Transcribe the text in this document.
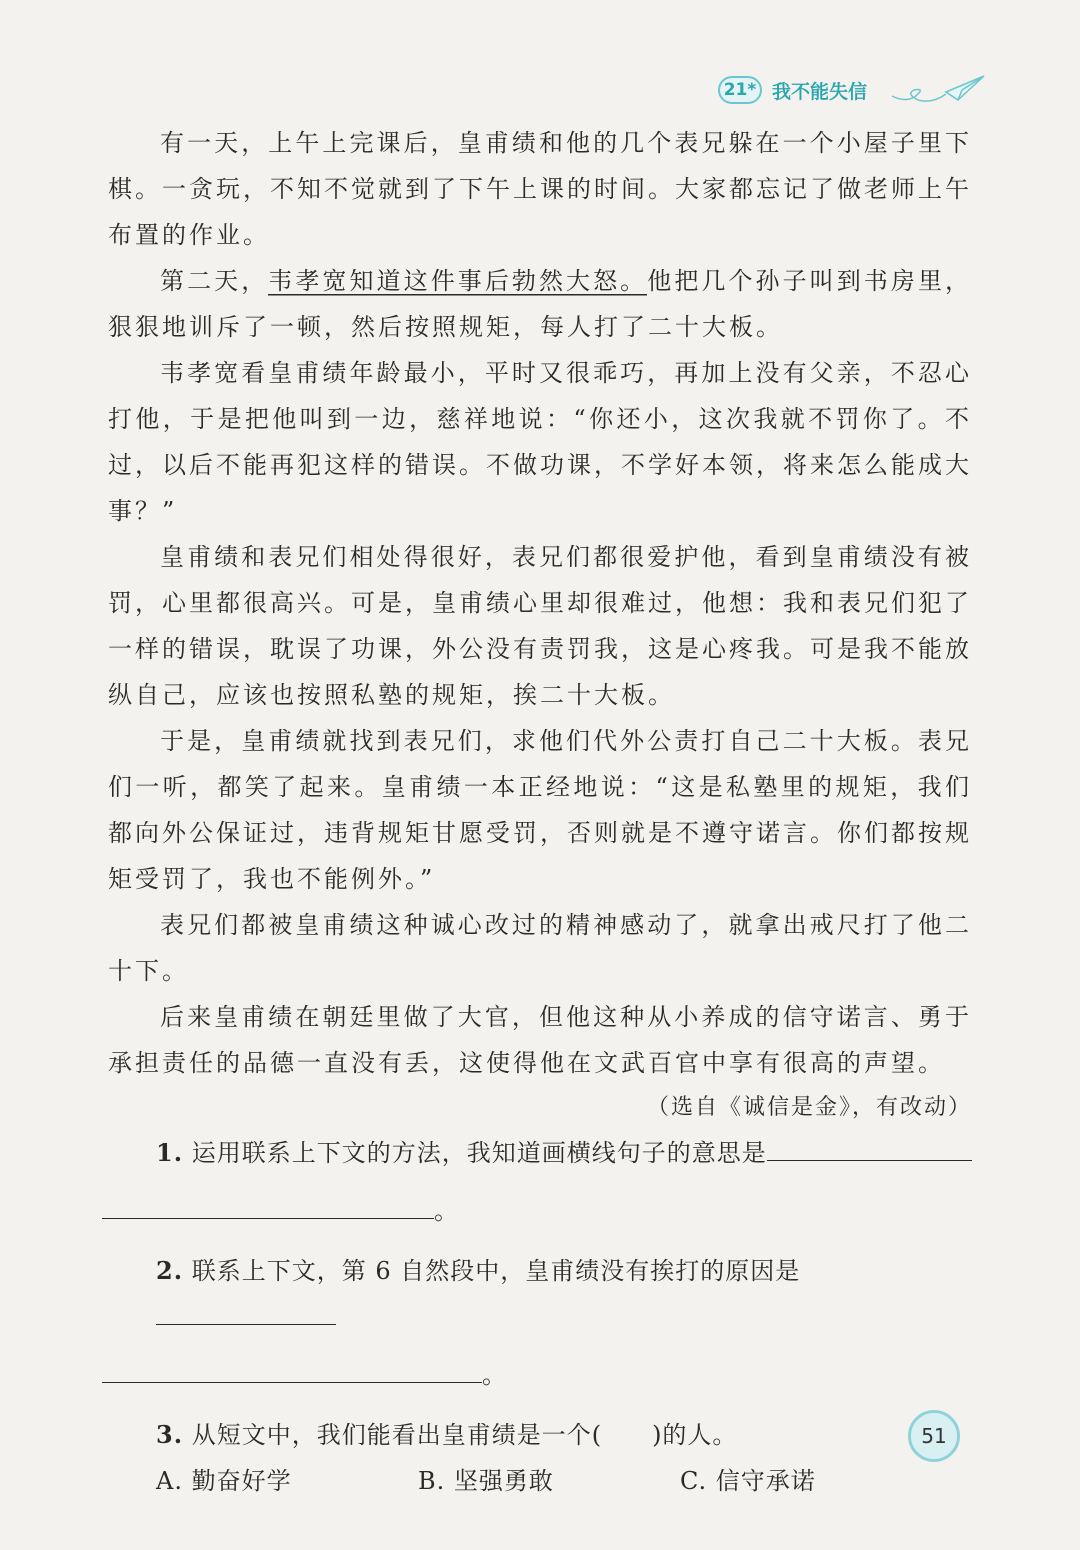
21* 我不能失信

有一天，上午上完课后，皇甫绩和他的几个表兄躲在一个小屋子里下棋。一贪玩，不知不觉就到了下午上课的时间。大家都忘记了做老师上午布置的作业。

第二天，韦孝宽知道这件事后勃然大怒。他把几个孙子叫到书房里，狠狠地训斥了一顿，然后按照规矩，每人打了二十大板。

韦孝宽看皇甫绩年龄最小，平时又很乖巧，再加上没有父亲，不忍心打他，于是把他叫到一边，慈祥地说：“你还小，这次我就不罚你了。不过，以后不能再犯这样的错误。不做功课，不学好本领，将来怎么能成大事？”

皇甫绩和表兄们相处得很好，表兄们都很爱护他，看到皇甫绩没有被罚，心里都很高兴。可是，皇甫绩心里却很难过，他想：我和表兄们犯了一样的错误，耽误了功课，外公没有责罚我，这是心疼我。可是我不能放纵自己，应该也按照私塾的规矩，挨二十大板。

于是，皇甫绩就找到表兄们，求他们代外公责打自己二十大板。表兄们一听，都笑了起来。皇甫绩一本正经地说：“这是私塾里的规矩，我们都向外公保证过，违背规矩甘愿受罚，否则就是不遵守诺言。你们都按规矩受罚了，我也不能例外。”

表兄们都被皇甫绩这种诚心改过的精神感动了，就拿出戒尺打了他二十下。

后来皇甫绩在朝廷里做了大官，但他这种从小养成的信守诺言、勇于承担责任的品德一直没有丢，这使得他在文武百官中享有很高的声望。

（选自《诚信是金》，有改动）
1. 运用联系上下文的方法，我知道画横线句子的意思是
。
2. 联系上下文，第 6 自然段中，皇甫绩没有挨打的原因是
。
3. 从短文中，我们能看出皇甫绩是一个(　　)的人。
A. 勤奋好学	B. 坚强勇敢	C. 信守承诺
51
